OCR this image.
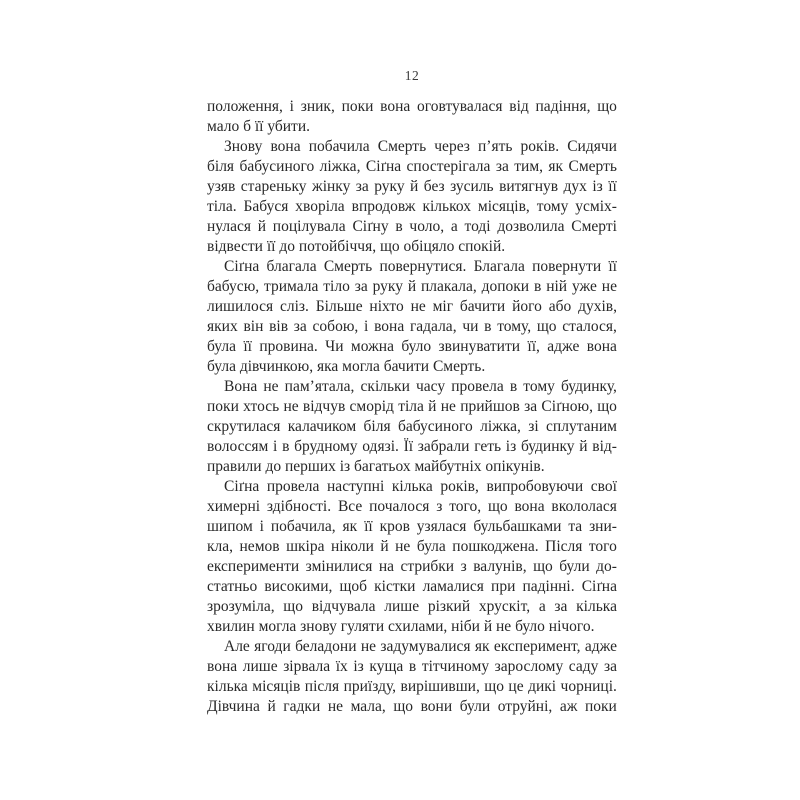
12
положення, і зник, поки вона оговтувалася від падіння, що
мало б її убити.
Знову вона побачила Смерть через п’ять років. Сидячи
біля бабусиного ліжка, Сіґна спостерігала за тим, як Смерть
узяв стареньку жінку за руку й без зусиль витягнув дух із її
тіла. Бабуся хворіла впродовж кількох місяців, тому усміх-
нулася й поцілувала Сіґну в чоло, а тоді дозволила Смерті
відвести її до потойбіччя, що обіцяло спокій.
Сіґна благала Смерть повернутися. Благала повернути її
бабусю, тримала тіло за руку й плакала, допоки в ній уже не
лишилося сліз. Більше ніхто не міг бачити його або духів,
яких він вів за собою, і вона гадала, чи в тому, що сталося,
була її провина. Чи можна було звинуватити її, адже вона
була дівчинкою, яка могла бачити Смерть.
Вона не пам’ятала, скільки часу провела в тому будинку,
поки хтось не відчув сморід тіла й не прийшов за Сіґною, що
скрутилася калачиком біля бабусиного ліжка, зі сплутаним
волоссям і в брудному одязі. Її забрали геть із будинку й від-
правили до перших із багатьох майбутніх опікунів.
Сіґна провела наступні кілька років, випробовуючи свої
химерні здібності. Все почалося з того, що вона вкололася
шипом і побачила, як її кров узялася бульбашками та зни-
кла, немов шкіра ніколи й не була пошкоджена. Після того
експерименти змінилися на стрибки з валунів, що були до-
статньо високими, щоб кістки ламалися при падінні. Сіґна
зрозуміла, що відчувала лише різкий хрускіт, а за кілька
хвилин могла знову гуляти схилами, ніби й не було нічого.
Але ягоди беладони не задумувалися як експеримент, адже
вона лише зірвала їх із куща в тітчиному зарослому саду за
кілька місяців після приїзду, вирішивши, що це дикі чорниці.
Дівчина й гадки не мала, що вони були отруйні, аж поки
